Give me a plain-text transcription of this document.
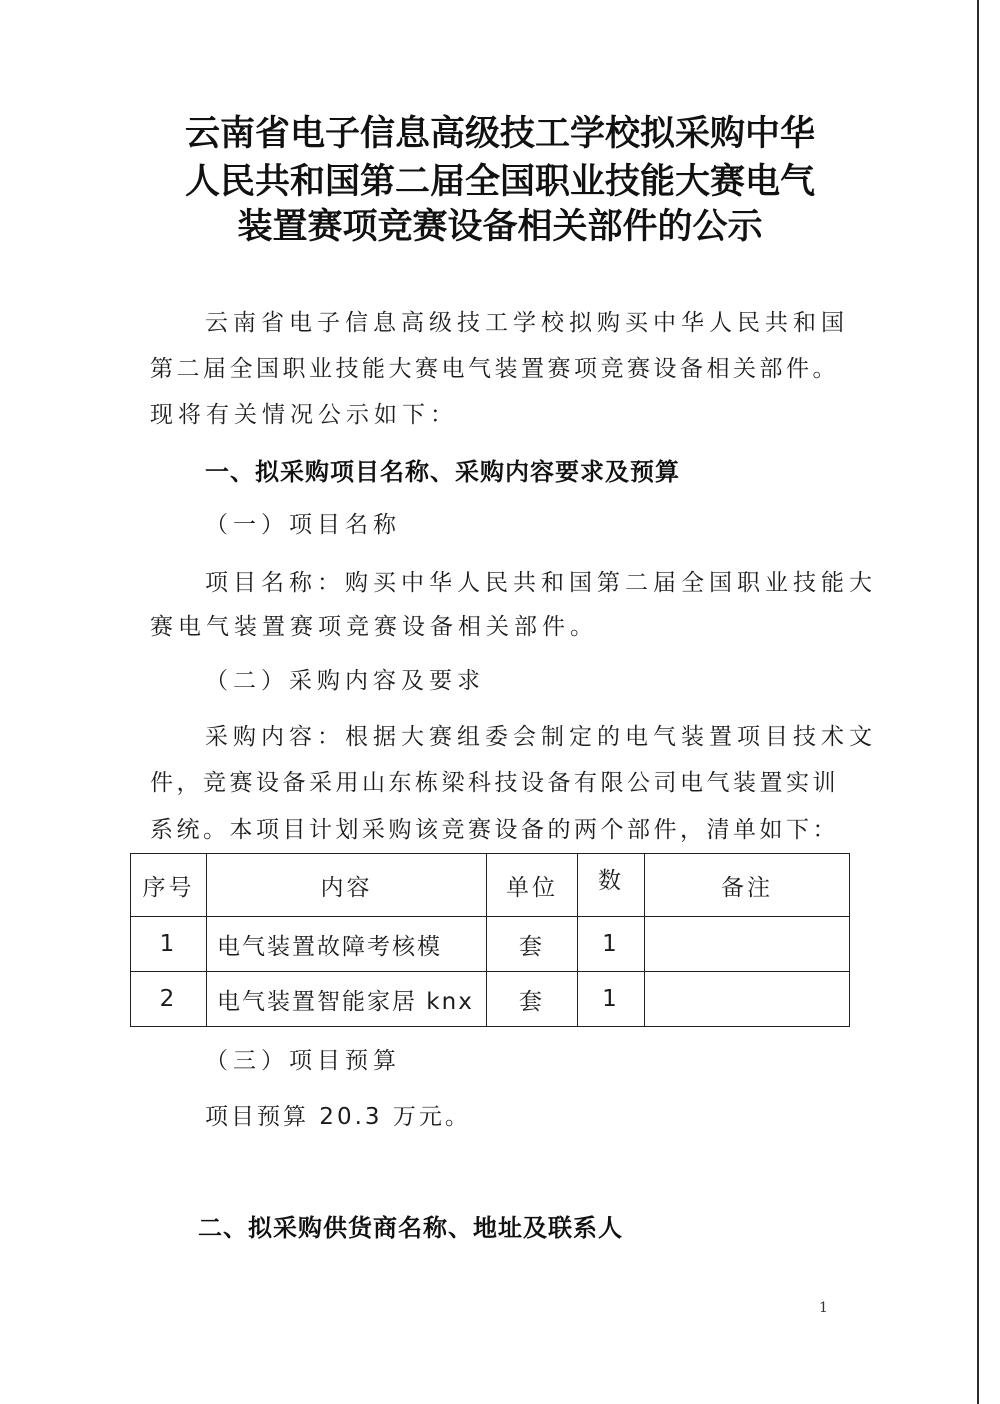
云南省电子信息高级技工学校拟采购中华
人民共和国第二届全国职业技能大赛电气
装置赛项竞赛设备相关部件的公示

云南省电子信息高级技工学校拟购买中华人民共和国

第二届全国职业技能大赛电气装置赛项竞赛设备相关部件。

现将有关情况公示如下：

一、拟采购项目名称、采购内容要求及预算

（一）项目名称

项目名称：购买中华人民共和国第二届全国职业技能大

赛电气装置赛项竞赛设备相关部件。

（二）采购内容及要求

采购内容：根据大赛组委会制定的电气装置项目技术文

件，竞赛设备采用山东栋梁科技设备有限公司电气装置实训

系统。本项目计划采购该竞赛设备的两个部件，清单如下：

序号	内容	单位	数	备注
1	电气装置故障考核模	套	1	
2	电气装置智能家居 knx	套	1	

（三）项目预算

项目预算 20.3 万元。

二、拟采购供货商名称、地址及联系人
1
